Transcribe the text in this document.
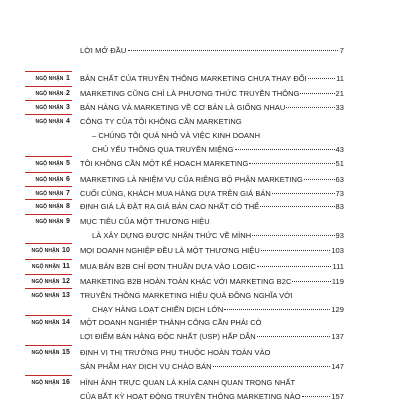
LỜI MỞ ĐẦU	7
NGỘ NHẬN 1 BẢN CHẤT CỦA TRUYỀN THÔNG MARKETING CHƯA THAY ĐỔI	11
NGỘ NHẬN 2 MARKETING CŨNG CHỈ LÀ PHƯƠNG THỨC TRUYỀN THÔNG	21
NGỘ NHẬN 3 BÁN HÀNG VÀ MARKETING VỀ CƠ BẢN LÀ GIỐNG NHAU	33
NGỘ NHẬN 4 CÔNG TY CỦA TÔI KHÔNG CẦN MARKETING
– CHÚNG TÔI QUÁ NHỎ VÀ VIỆC KINH DOANH
CHỦ YẾU THÔNG QUA TRUYỀN MIỆNG	43
NGỘ NHẬN 5 TÔI KHÔNG CẦN MỘT KẾ HOẠCH MARKETING	51
NGỘ NHẬN 6 MARKETING LÀ NHIỆM VỤ CỦA RIÊNG BỘ PHẬN MARKETING	63
NGỘ NHẬN 7 CUỐI CÙNG, KHÁCH MUA HÀNG DỰA TRÊN GIÁ BÁN	73
NGỘ NHẬN 8 ĐỊNH GIÁ LÀ ĐẶT RA GIÁ BÁN CAO NHẤT CÓ THỂ	83
NGỘ NHẬN 9 MỤC TIÊU CỦA MỘT THƯƠNG HIỆU
LÀ XÂY DỰNG ĐƯỢC NHẬN THỨC VỀ MÌNH	93
NGỘ NHẬN 10 MỌI DOANH NGHIỆP ĐỀU LÀ MỘT THƯƠNG HIỆU	103
NGỘ NHẬN 11 MUA BÁN B2B CHỈ ĐƠN THUẦN DỰA VÀO LOGIC	111
NGỘ NHẬN 12 MARKETING B2B HOÀN TOÀN KHÁC VỚI MARKETING B2C	119
NGỘ NHẬN 13 TRUYỀN THÔNG MARKETING HIỆU QUẢ ĐỒNG NGHĨA VỚI
CHẠY HÀNG LOẠT CHIẾN DỊCH LỚN	129
NGỘ NHẬN 14 MỘT DOANH NGHIỆP THÀNH CÔNG CẦN PHẢI CÓ
LỢI ĐIỂM BÁN HÀNG ĐỘC NHẤT (USP) HẤP DẪN	137
NGỘ NHẬN 15 ĐỊNH VỊ THỊ TRƯỜNG PHỤ THUỘC HOÀN TOÀN VÀO
SẢN PHẨM HAY DỊCH VỤ CHÀO BÁN	147
NGỘ NHẬN 16 HÌNH ẢNH TRỰC QUAN LÀ KHÍA CẠNH QUAN TRỌNG NHẤT
CỦA BẤT KỲ HOẠT ĐỘNG TRUYỀN THÔNG MARKETING NÀO	157
